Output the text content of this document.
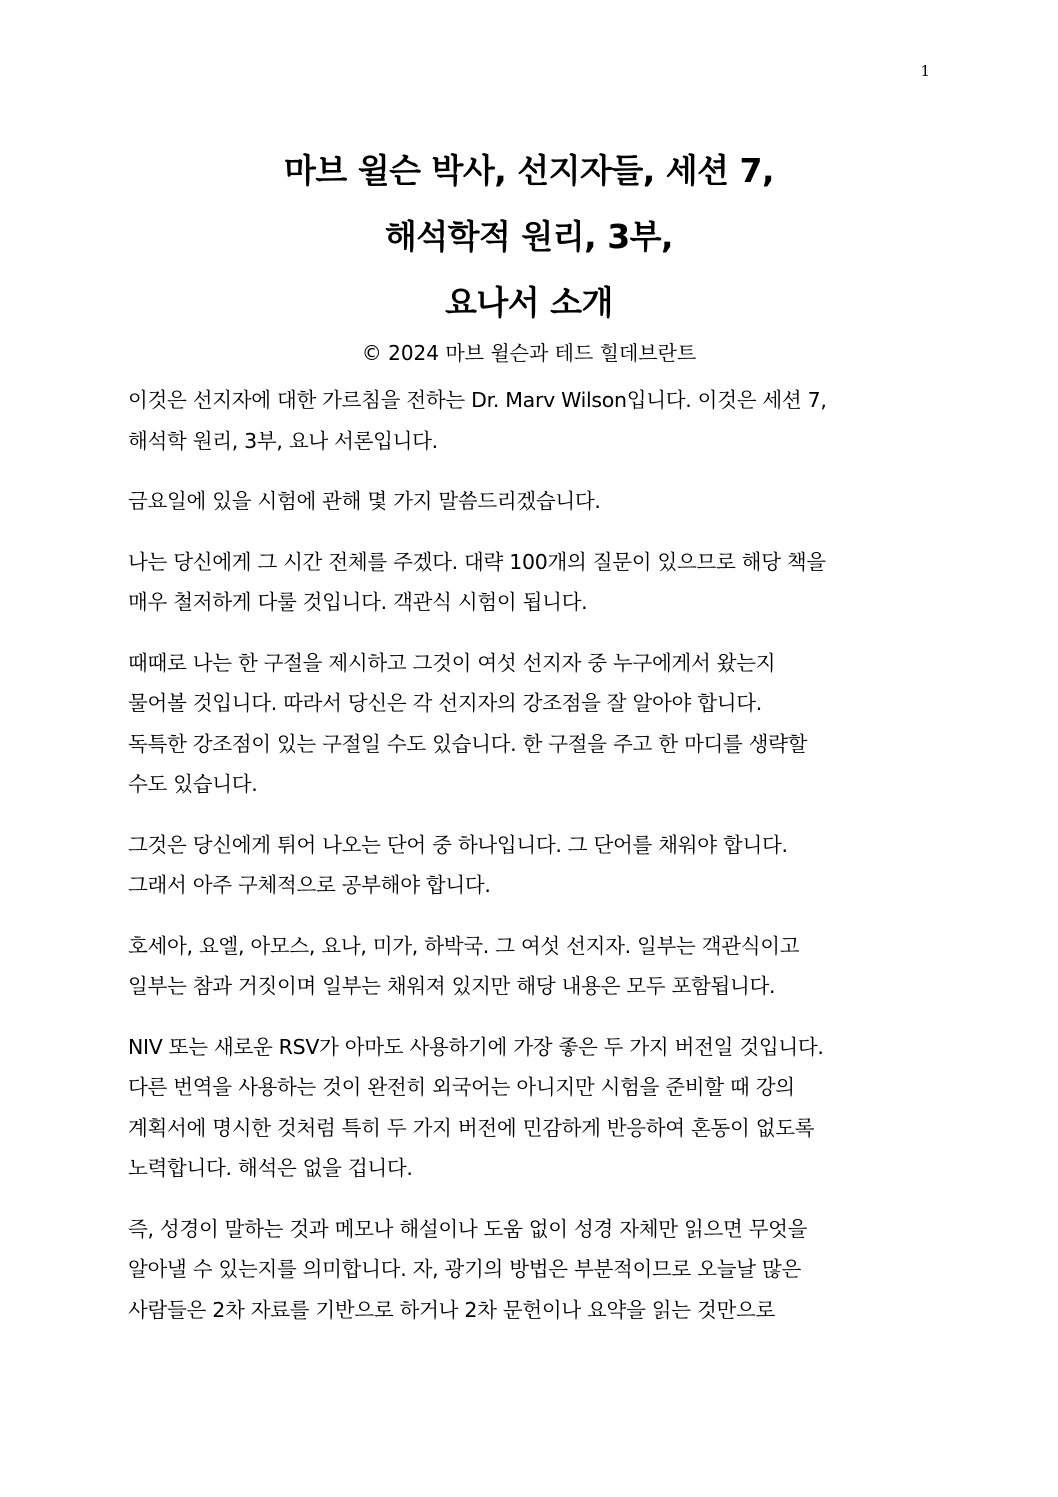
1
마브 윌슨 박사, 선지자들, 세션 7,
해석학적 원리, 3부,
요나서 소개
© 2024 마브 윌슨과 테드 힐데브란트

이것은 선지자에 대한 가르침을 전하는 Dr. Marv Wilson입니다. 이것은 세션 7,
해석학 원리, 3부, 요나 서론입니다.

금요일에 있을 시험에 관해 몇 가지 말씀드리겠습니다.

나는 당신에게 그 시간 전체를 주겠다. 대략 100개의 질문이 있으므로 해당 책을
매우 철저하게 다룰 것입니다. 객관식 시험이 됩니다.

때때로 나는 한 구절을 제시하고 그것이 여섯 선지자 중 누구에게서 왔는지
물어볼 것입니다. 따라서 당신은 각 선지자의 강조점을 잘 알아야 합니다.
독특한 강조점이 있는 구절일 수도 있습니다. 한 구절을 주고 한 마디를 생략할
수도 있습니다.

그것은 당신에게 튀어 나오는 단어 중 하나입니다. 그 단어를 채워야 합니다.
그래서 아주 구체적으로 공부해야 합니다.

호세아, 요엘, 아모스, 요나, 미가, 하박국. 그 여섯 선지자. 일부는 객관식이고
일부는 참과 거짓이며 일부는 채워져 있지만 해당 내용은 모두 포함됩니다.

NIV 또는 새로운 RSV가 아마도 사용하기에 가장 좋은 두 가지 버전일 것입니다.
다른 번역을 사용하는 것이 완전히 외국어는 아니지만 시험을 준비할 때 강의
계획서에 명시한 것처럼 특히 두 가지 버전에 민감하게 반응하여 혼동이 없도록
노력합니다. 해석은 없을 겁니다.

즉, 성경이 말하는 것과 메모나 해설이나 도움 없이 성경 자체만 읽으면 무엇을
알아낼 수 있는지를 의미합니다. 자, 광기의 방법은 부분적이므로 오늘날 많은
사람들은 2차 자료를 기반으로 하거나 2차 문헌이나 요약을 읽는 것만으로
